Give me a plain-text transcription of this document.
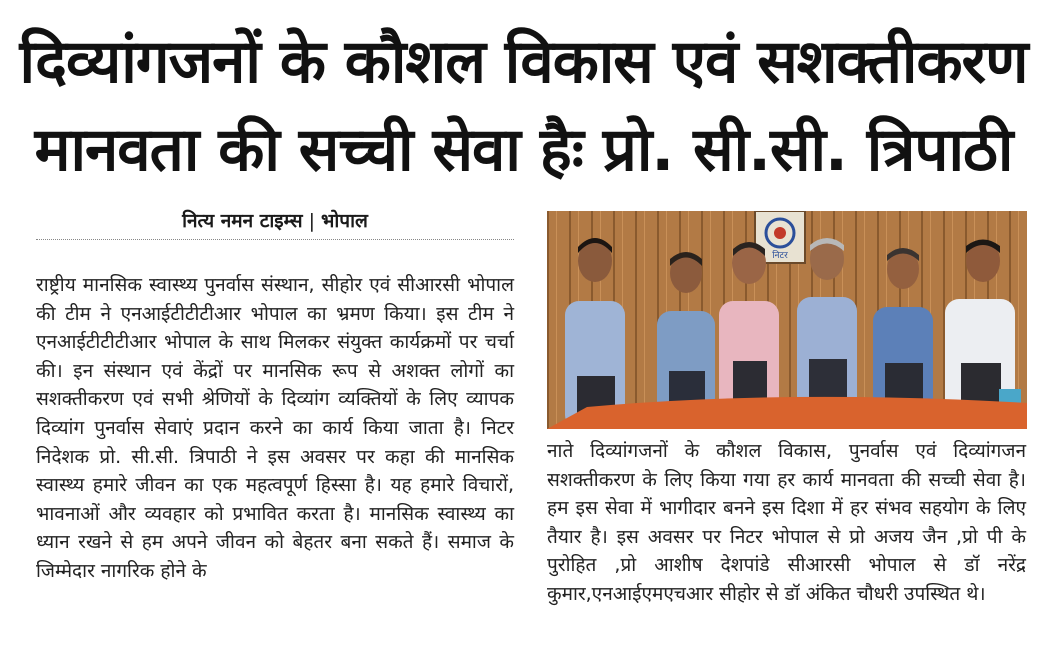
दिव्यांगजनों के कौशल विकास एवं सशक्तीकरण
मानवता की सच्ची सेवा हैः प्रो. सी.सी. त्रिपाठी
नित्य नमन टाइम्स | भोपाल

राष्ट्रीय मानसिक स्वास्थ्य पुनर्वास संस्थान, सीहोर एवं सीआरसी भोपाल की टीम ने एनआईटीटीटीआर भोपाल का भ्रमण किया। इस टीम ने एनआईटीटीटीआर भोपाल के साथ मिलकर संयुक्त कार्यक्रमों पर चर्चा की। इन संस्थान एवं केंद्रों पर मानसिक रूप से अशक्त लोगों का सशक्तीकरण एवं सभी श्रेणियों के दिव्यांग व्यक्तियों के लिए व्यापक दिव्यांग पुनर्वास सेवाएं प्रदान करने का कार्य किया जाता है। निटर निदेशक प्रो. सी.सी. त्रिपाठी ने इस अवसर पर कहा की मानसिक स्वास्थ्य हमारे जीवन का एक महत्वपूर्ण हिस्सा है। यह हमारे विचारों, भावनाओं और व्यवहार को प्रभावित करता है। मानसिक स्वास्थ्य का ध्यान रखने से हम अपने जीवन को बेहतर बना सकते हैं। समाज के जिम्मेदार नागरिक होने के

निटर

नाते दिव्यांगजनों के कौशल विकास, पुनर्वास एवं दिव्यांगजन सशक्तीकरण के लिए किया गया हर कार्य मानवता की सच्ची सेवा है। हम इस सेवा में भागीदार बनने इस दिशा में हर संभव सहयोग के लिए तैयार है। इस अवसर पर निटर भोपाल से प्रो अजय जैन ,प्रो पी के पुरोहित ,प्रो आशीष देशपांडे सीआरसी भोपाल से डॉ नरेंद्र कुमार,एनआईएमएचआर सीहोर से डॉ अंकित चौधरी उपस्थित थे।
